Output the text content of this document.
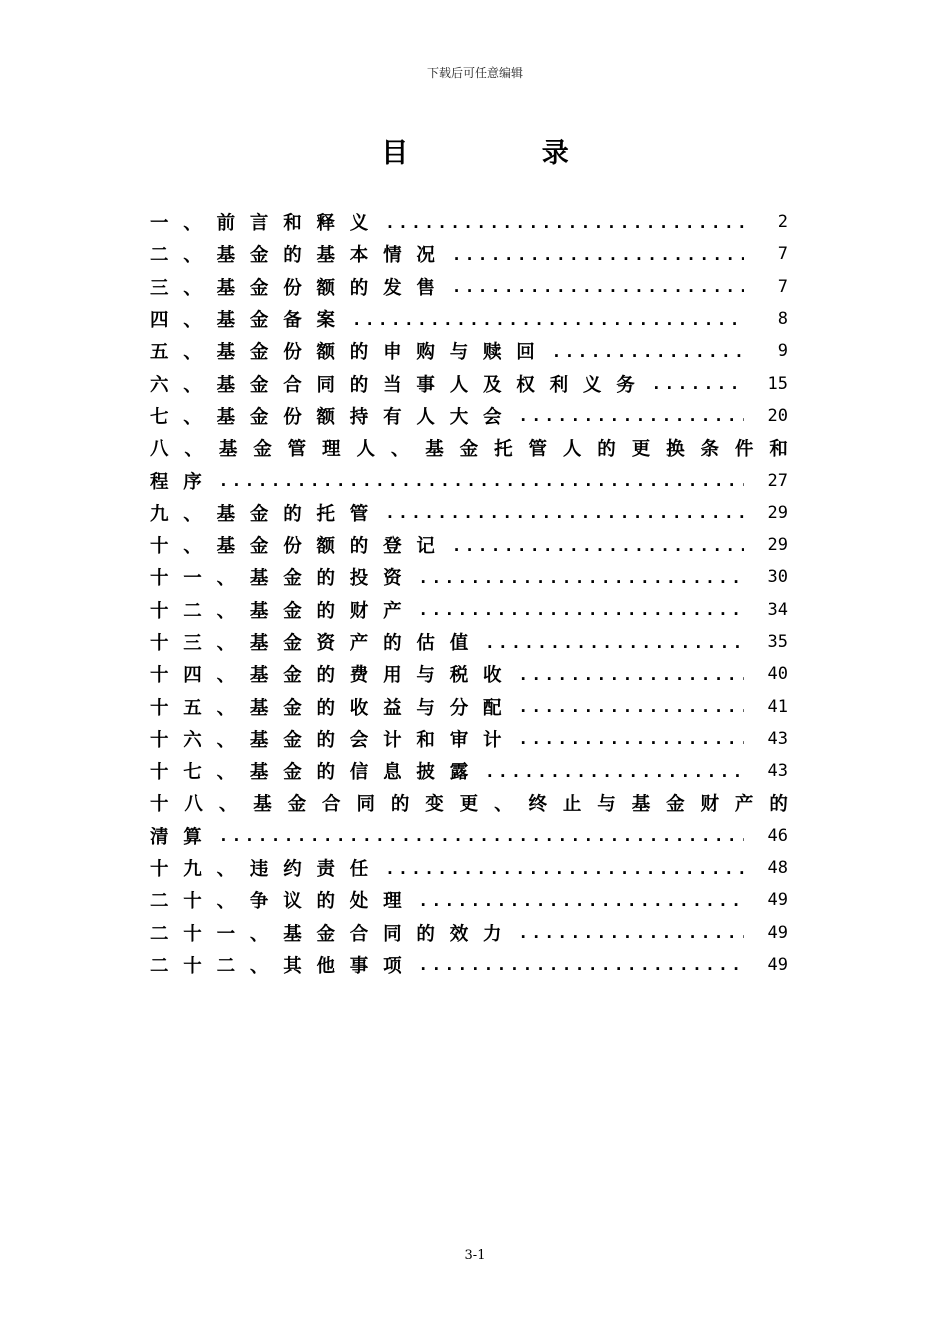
下载后可任意编辑
目 录
一、前言和释义 .....	2
二、基金的基本情况 .....	7
三、基金份额的发售 .....	7
四、基金备案 .....	8
五、基金份额的申购与赎回 .....	9
六、基金合同的当事人及权利义务 .....	15
七、基金份额持有人大会 .....	20
八 、 基 金 管 理 人 、 基 金 托 管 人 的 更 换 条 件 和
程序 .....	27
九、基金的托管 .....	29
十、基金份额的登记 .....	29
十一、基金的投资 .....	30
十二、基金的财产 .....	34
十三、基金资产的估值 .....	35
十四、基金的费用与税收 .....	40
十五、基金的收益与分配 .....	41
十六、基金的会计和审计 .....	43
十七、基金的信息披露 .....	43
十 八 、 基 金 合 同 的 变 更 、 终 止 与 基 金 财 产 的
清算 .....	46
十九、违约责任 .....	48
二十、争议的处理 .....	49
二十一、基金合同的效力 .....	49
二十二、其他事项 .....	49
3-1
